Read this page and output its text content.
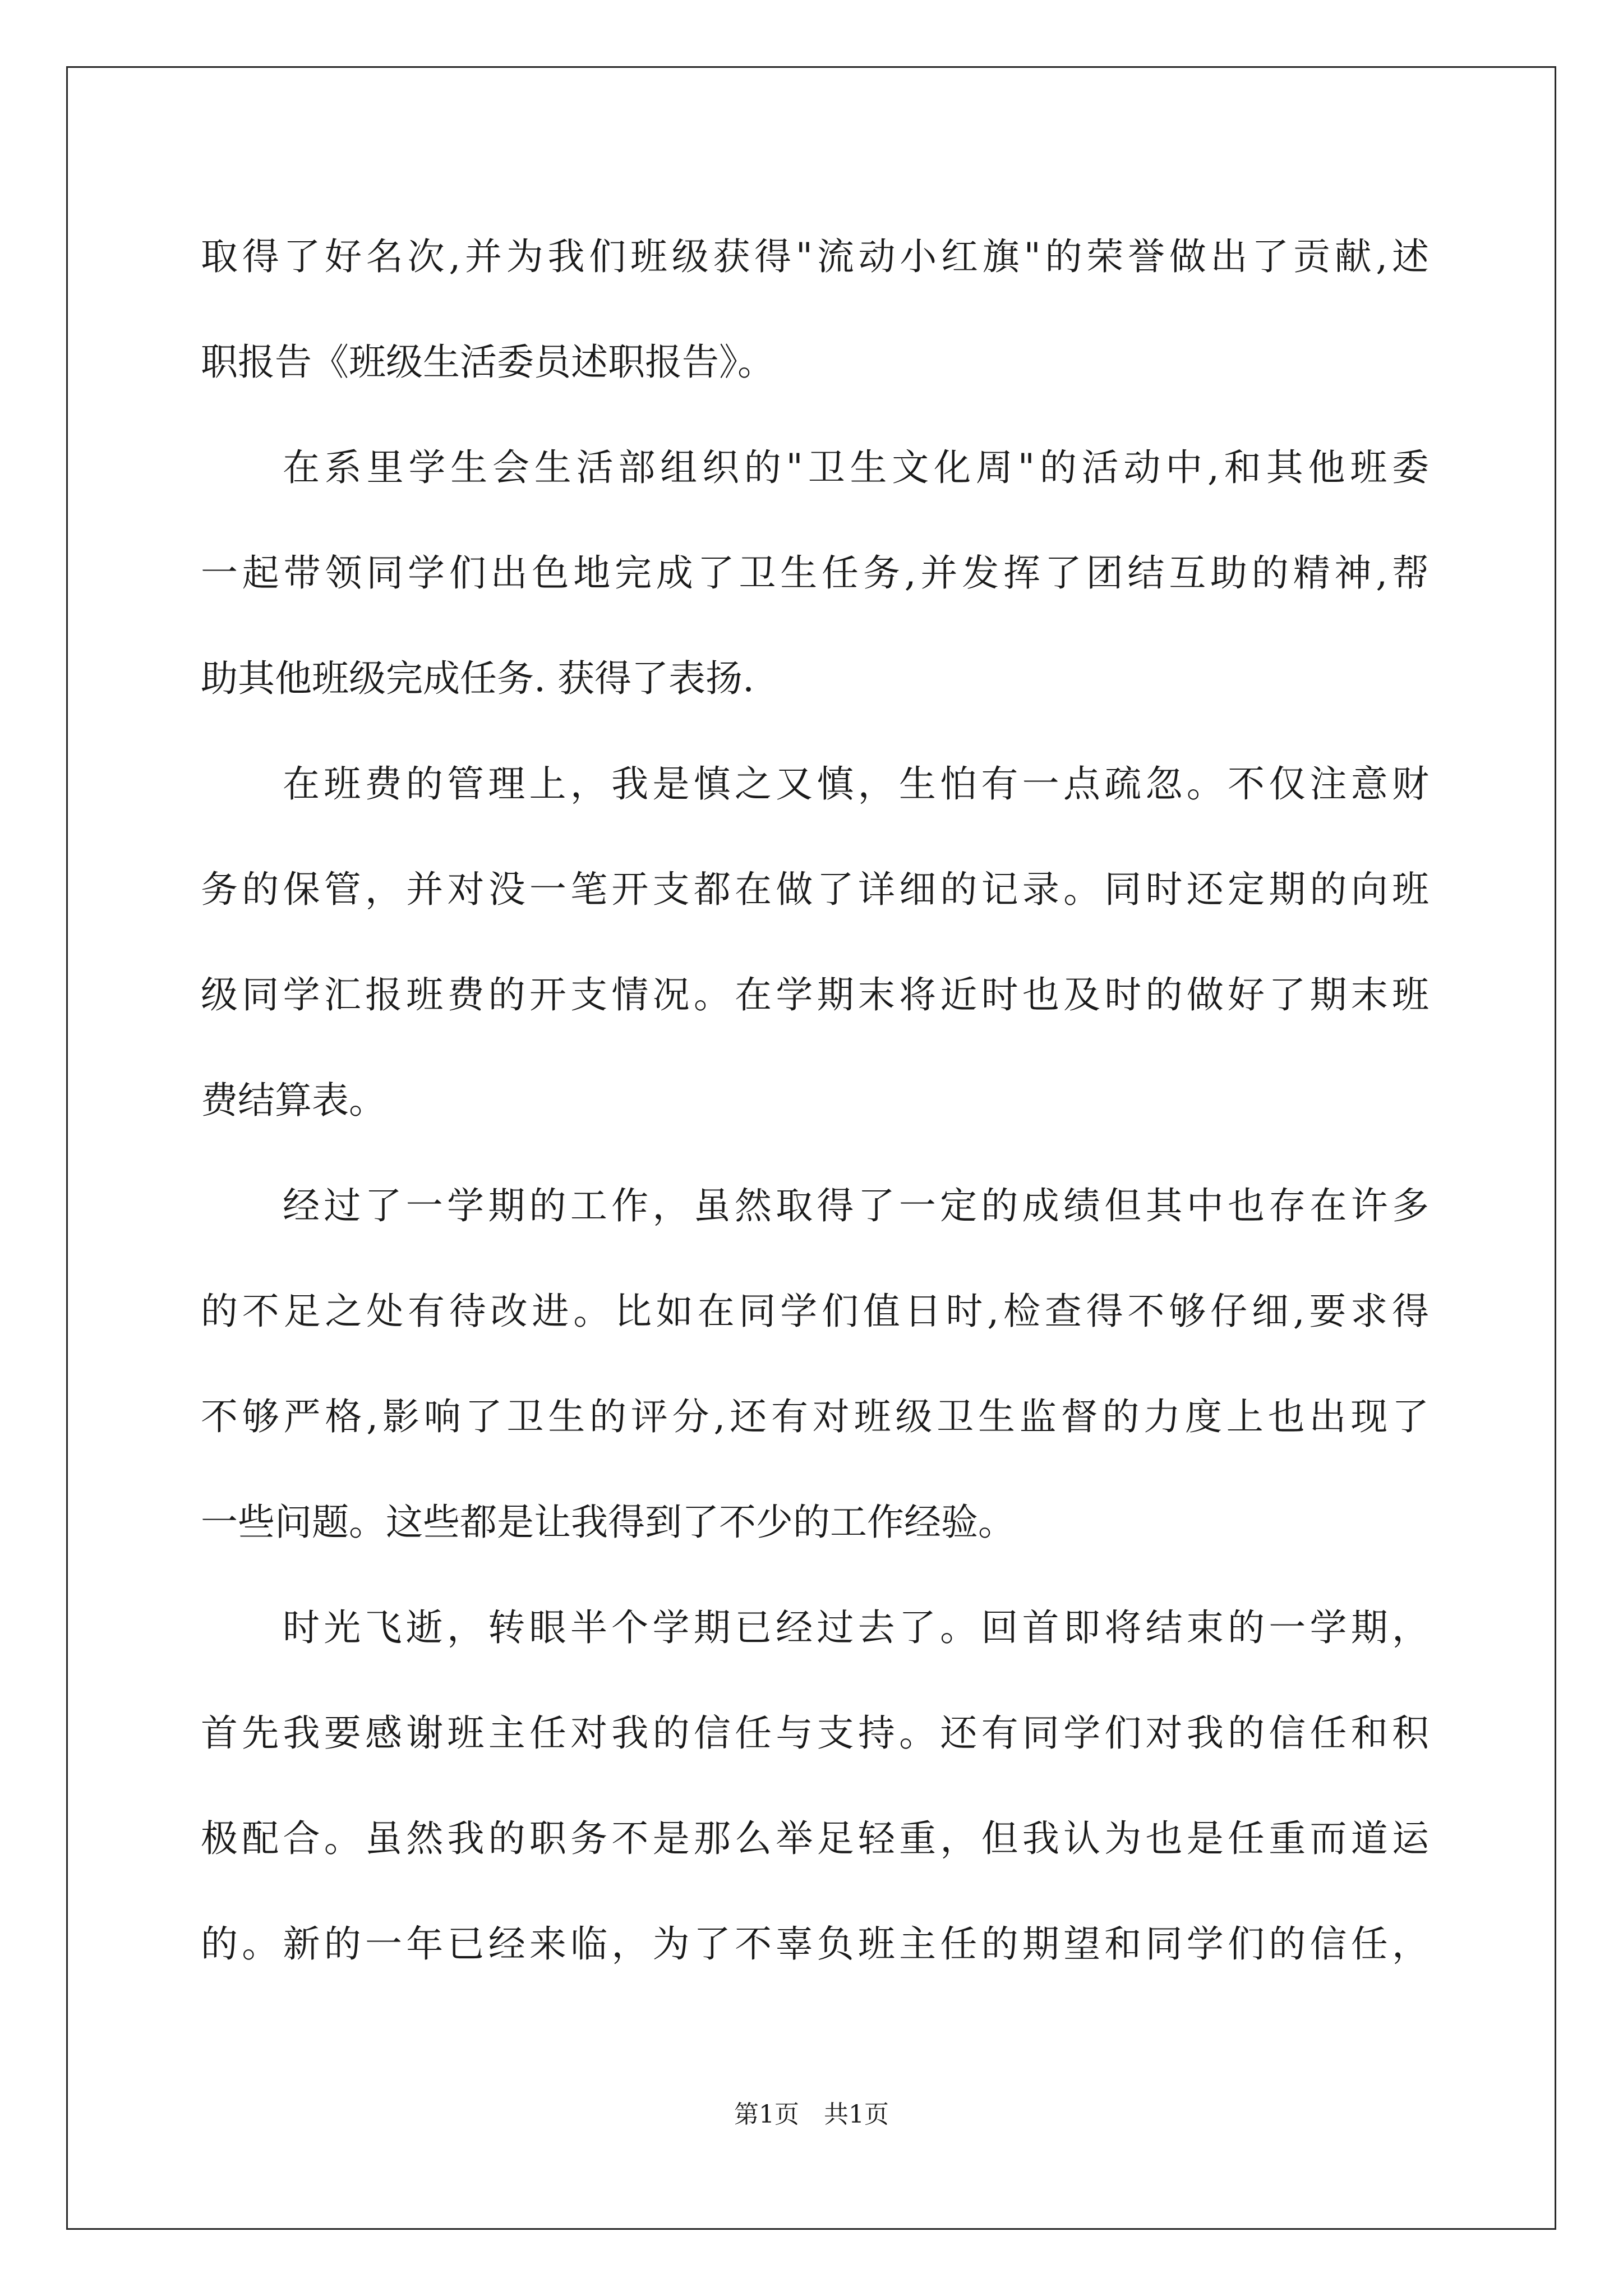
取得了好名次,并为我们班级获得"流动小红旗"的荣誉做出了贡献,述
职报告《班级生活委员述职报告》。
在系里学生会生活部组织的"卫生文化周"的活动中,和其他班委
一起带领同学们出色地完成了卫生任务,并发挥了团结互助的精神,帮
助其他班级完成任务. 获得了表扬.
在班费的管理上，我是慎之又慎，生怕有一点疏忽。不仅注意财
务的保管，并对没一笔开支都在做了详细的记录。同时还定期的向班
级同学汇报班费的开支情况。在学期末将近时也及时的做好了期末班
费结算表。
经过了一学期的工作，虽然取得了一定的成绩但其中也存在许多
的不足之处有待改进。比如在同学们值日时,检查得不够仔细,要求得
不够严格,影响了卫生的评分,还有对班级卫生监督的力度上也出现了
一些问题。这些都是让我得到了不少的工作经验。
时光飞逝，转眼半个学期已经过去了。回首即将结束的一学期，
首先我要感谢班主任对我的信任与支持。还有同学们对我的信任和积
极配合。虽然我的职务不是那么举足轻重，但我认为也是任重而道运
的。新的一年已经来临，为了不辜负班主任的期望和同学们的信任，
第1页　共1页
